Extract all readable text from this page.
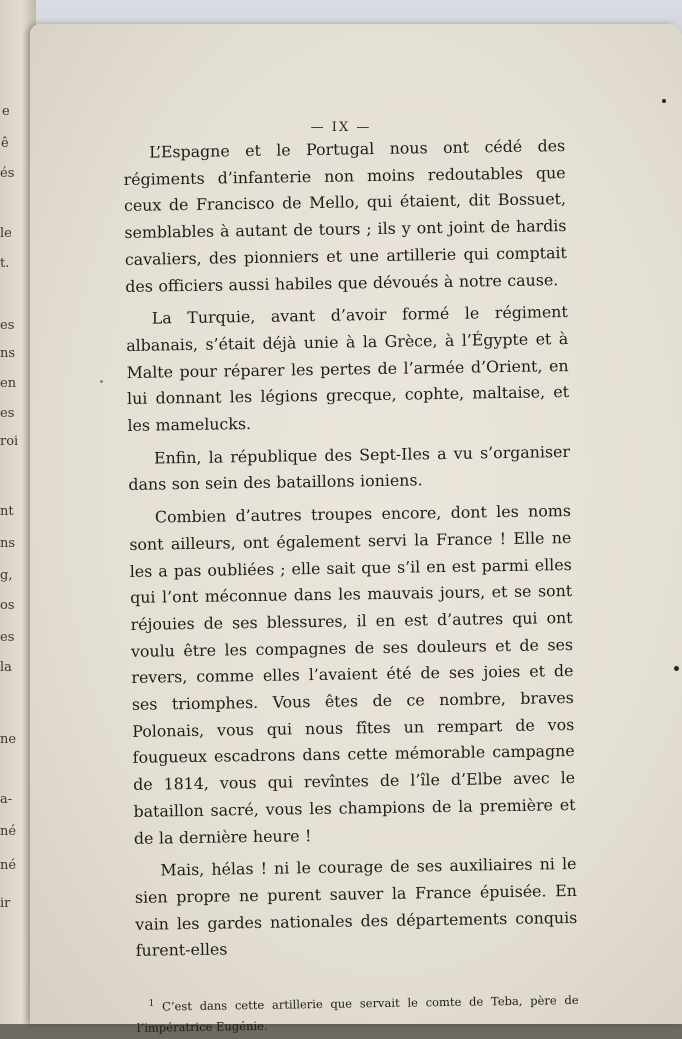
e
ê
és
le
t.
es
ns
en
es
roi
nt
ns
g,
os
es
la
ne
a-
né
né
ir
— IX —

L’Espagne et le Portugal nous ont cédé des régiments d’infanterie non moins redoutables que ceux de Francisco de Mello, qui étaient, dit Bossuet, semblables à autant de tours ; ils y ont joint de hardis cavaliers, des pionniers et une artillerie qui comptait des officiers aussi habiles que dévoués à notre cause.

La Turquie, avant d’avoir formé le régiment albanais, s’était déjà unie à la Grèce, à l’Égypte et à Malte pour réparer les pertes de l’armée d’Orient, en lui donnant les légions grecque, cophte, maltaise, et les mamelucks.

Enfin, la république des Sept-Iles a vu s’organiser dans son sein des bataillons ioniens.

Combien d’autres troupes encore, dont les noms sont ailleurs, ont également servi la France ! Elle ne les a pas oubliées ; elle sait que s’il en est parmi elles qui l’ont méconnue dans les mauvais jours, et se sont réjouies de ses blessures, il en est d’autres qui ont voulu être les compagnes de ses douleurs et de ses revers, comme elles l’avaient été de ses joies et de ses triomphes. Vous êtes de ce nombre, braves Polonais, vous qui nous fîtes un rempart de vos fougueux escadrons dans cette mémorable campagne de 1814, vous qui revîntes de l’île d’Elbe avec le bataillon sacré, vous les champions de la première et de la dernière heure !

Mais, hélas ! ni le courage de ses auxiliaires ni le sien propre ne purent sauver la France épuisée. En vain les gardes nationales des départements conquis furent-elles

$^1$ C’est dans cette artillerie que servait le comte de Teba, père de l’impératrice Eugénie.
